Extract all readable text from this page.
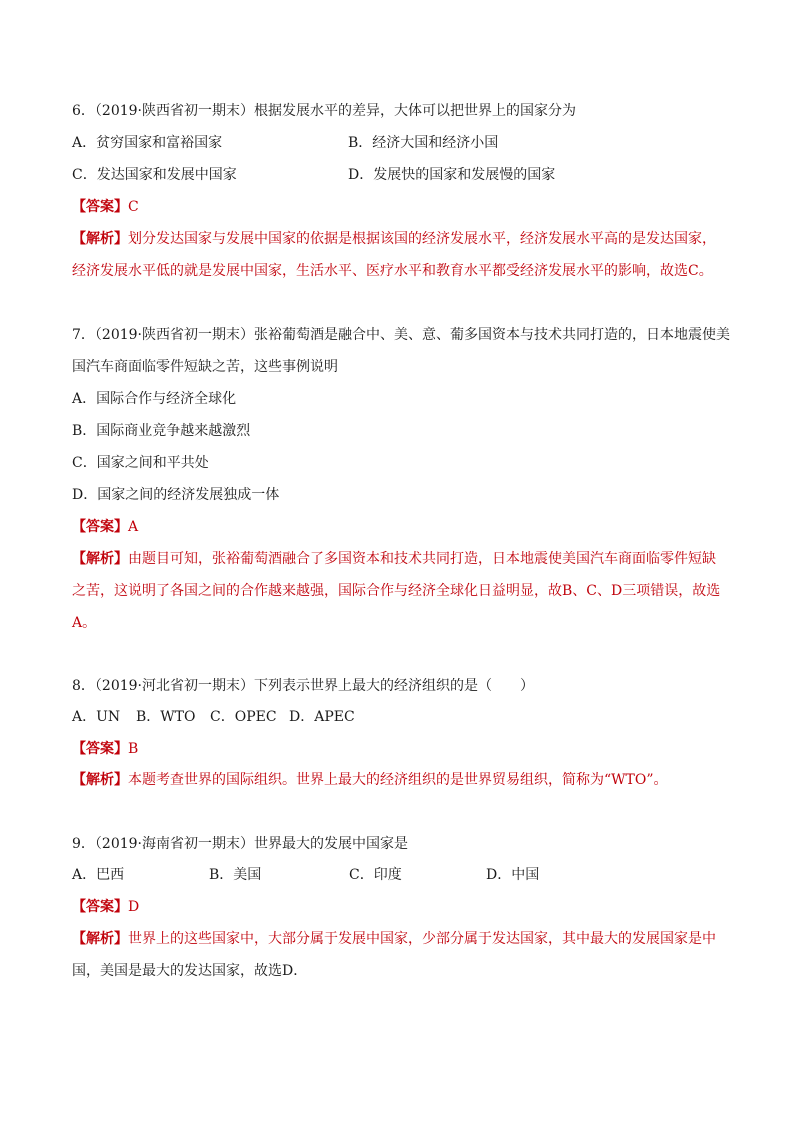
6．（2019·陕西省初一期末）根据发展水平的差异，大体可以把世界上的国家分为
A．贫穷国家和富裕国家	B．经济大国和经济小国
C．发达国家和发展中国家	D．发展快的国家和发展慢的国家
【答案】C
【解析】划分发达国家与发展中国家的依据是根据该国的经济发展水平，经济发展水平高的是发达国家，
经济发展水平低的就是发展中国家，生活水平、医疗水平和教育水平都受经济发展水平的影响，故选C。
7．（2019·陕西省初一期末）张裕葡萄酒是融合中、美、意、葡多国资本与技术共同打造的，日本地震使美
国汽车商面临零件短缺之苦，这些事例说明
A．国际合作与经济全球化
B．国际商业竞争越来越激烈
C．国家之间和平共处
D．国家之间的经济发展独成一体
【答案】A
【解析】由题目可知，张裕葡萄酒融合了多国资本和技术共同打造，日本地震使美国汽车商面临零件短缺
之苦，这说明了各国之间的合作越来越强，国际合作与经济全球化日益明显，故B、C、D三项错误，故选
A。
8．（2019·河北省初一期末）下列表示世界上最大的经济组织的是（　　）
A．UN B．WTO C．OPEC D．APEC
【答案】B
【解析】本题考查世界的国际组织。世界上最大的经济组织的是世界贸易组织，简称为“WTO”。
9．（2019·海南省初一期末）世界最大的发展中国家是
A．巴西	B．美国	C．印度	D．中国
【答案】D
【解析】世界上的这些国家中，大部分属于发展中国家，少部分属于发达国家，其中最大的发展国家是中
国，美国是最大的发达国家，故选D．
